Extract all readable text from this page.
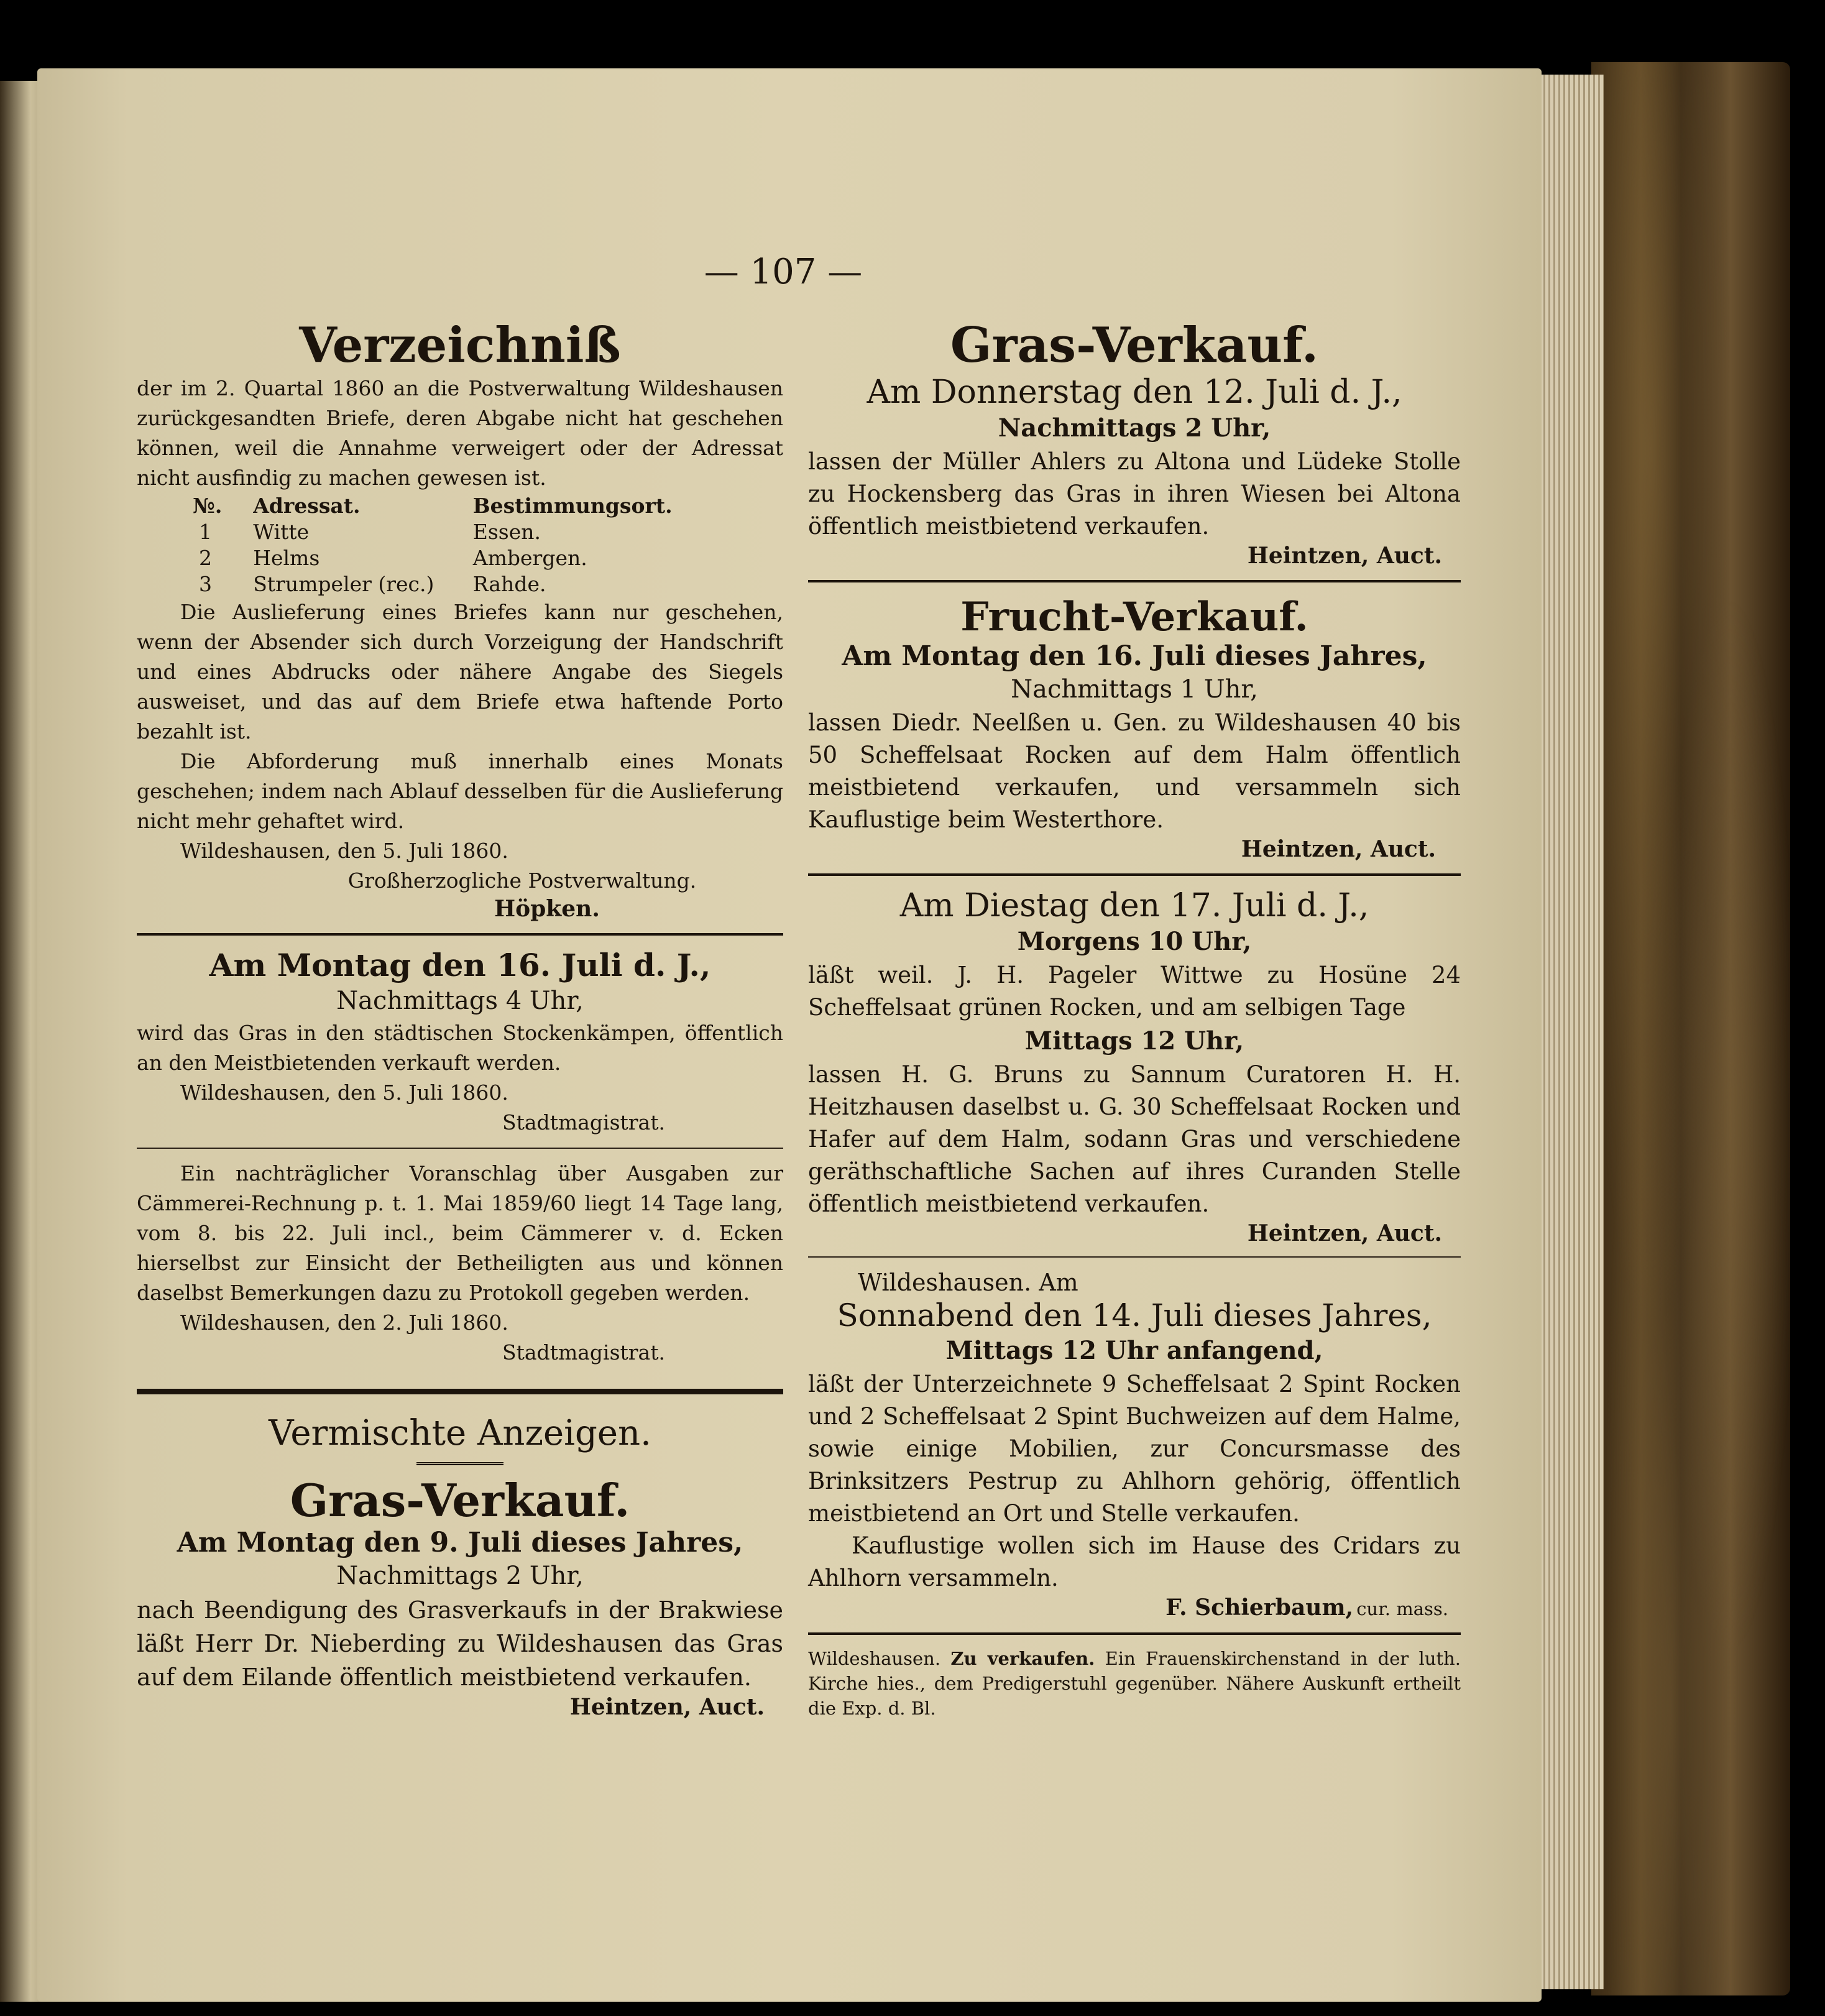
— 107 —
Verzeichniß

der im 2. Quartal 1860 an die Postverwaltung Wildeshausen zurückgesandten Briefe, deren Abgabe nicht hat geschehen können, weil die Annahme verweigert oder der Adressat nicht ausfindig zu machen gewesen ist.

№.	Adressat.	Bestimmungsort.
1	Witte	Essen.
2	Helms	Ambergen.
3	Strumpeler (rec.)	Rahde.

Die Auslieferung eines Briefes kann nur geschehen, wenn der Absender sich durch Vorzeigung der Handschrift und eines Abdrucks oder nähere Angabe des Siegels ausweiset, und das auf dem Briefe etwa haftende Porto bezahlt ist.

Die Abforderung muß innerhalb eines Monats geschehen; indem nach Ablauf desselben für die Auslieferung nicht mehr gehaftet wird.

Wildeshausen, den 5. Juli 1860.

Großherzogliche Postverwaltung.

Höpken.

Am Montag den 16. Juli d. J.,

Nachmittags 4 Uhr,

wird das Gras in den städtischen Stockenkämpen, öffentlich an den Meistbietenden verkauft werden.

Wildeshausen, den 5. Juli 1860.

Stadtmagistrat.

Ein nachträglicher Voranschlag über Ausgaben zur Cämmerei-Rechnung p. t. 1. Mai 1859/60 liegt 14 Tage lang, vom 8. bis 22. Juli incl., beim Cämmerer v. d. Ecken hierselbst zur Einsicht der Betheiligten aus und können daselbst Bemerkungen dazu zu Protokoll gegeben werden.

Wildeshausen, den 2. Juli 1860.

Stadtmagistrat.

Vermischte Anzeigen.

Gras-Verkauf.

Am Montag den 9. Juli dieses Jahres,

Nachmittags 2 Uhr,

nach Beendigung des Grasverkaufs in der Brakwiese läßt Herr Dr. Nieberding zu Wildeshausen das Gras auf dem Eilande öffentlich meistbietend verkaufen.

Heintzen, Auct.

Gras-Verkauf.

Am Donnerstag den 12. Juli d. J.,

Nachmittags 2 Uhr,

lassen der Müller Ahlers zu Altona und Lüdeke Stolle zu Hockensberg das Gras in ihren Wiesen bei Altona öffentlich meistbietend verkaufen.

Heintzen, Auct.

Frucht-Verkauf.

Am Montag den 16. Juli dieses Jahres,

Nachmittags 1 Uhr,

lassen Diedr. Neelßen u. Gen. zu Wildeshausen 40 bis 50 Scheffelsaat Rocken auf dem Halm öffentlich meistbietend verkaufen, und versammeln sich Kauflustige beim Westerthore.

Heintzen, Auct.

Am Diestag den 17. Juli d. J.,

Morgens 10 Uhr,

läßt weil. J. H. Pageler Wittwe zu Hosüne 24 Scheffelsaat grünen Rocken, und am selbigen Tage

Mittags 12 Uhr,

lassen H. G. Bruns zu Sannum Curatoren H. H. Heitzhausen daselbst u. G. 30 Scheffelsaat Rocken und Hafer auf dem Halm, sodann Gras und verschiedene geräthschaftliche Sachen auf ihres Curanden Stelle öffentlich meistbietend verkaufen.

Heintzen, Auct.

Wildeshausen. Am

Sonnabend den 14. Juli dieses Jahres,

Mittags 12 Uhr anfangend,

läßt der Unterzeichnete 9 Scheffelsaat 2 Spint Rocken und 2 Scheffelsaat 2 Spint Buchweizen auf dem Halme, sowie einige Mobilien, zur Concursmasse des Brinksitzers Pestrup zu Ahlhorn gehörig, öffentlich meistbietend an Ort und Stelle verkaufen.

Kauflustige wollen sich im Hause des Cridars zu Ahlhorn versammeln.

F. Schierbaum, cur. mass.

Wildeshausen. Zu verkaufen. Ein Frauenskirchenstand in der luth. Kirche hies., dem Predigerstuhl gegenüber. Nähere Auskunft ertheilt die Exp. d. Bl.
